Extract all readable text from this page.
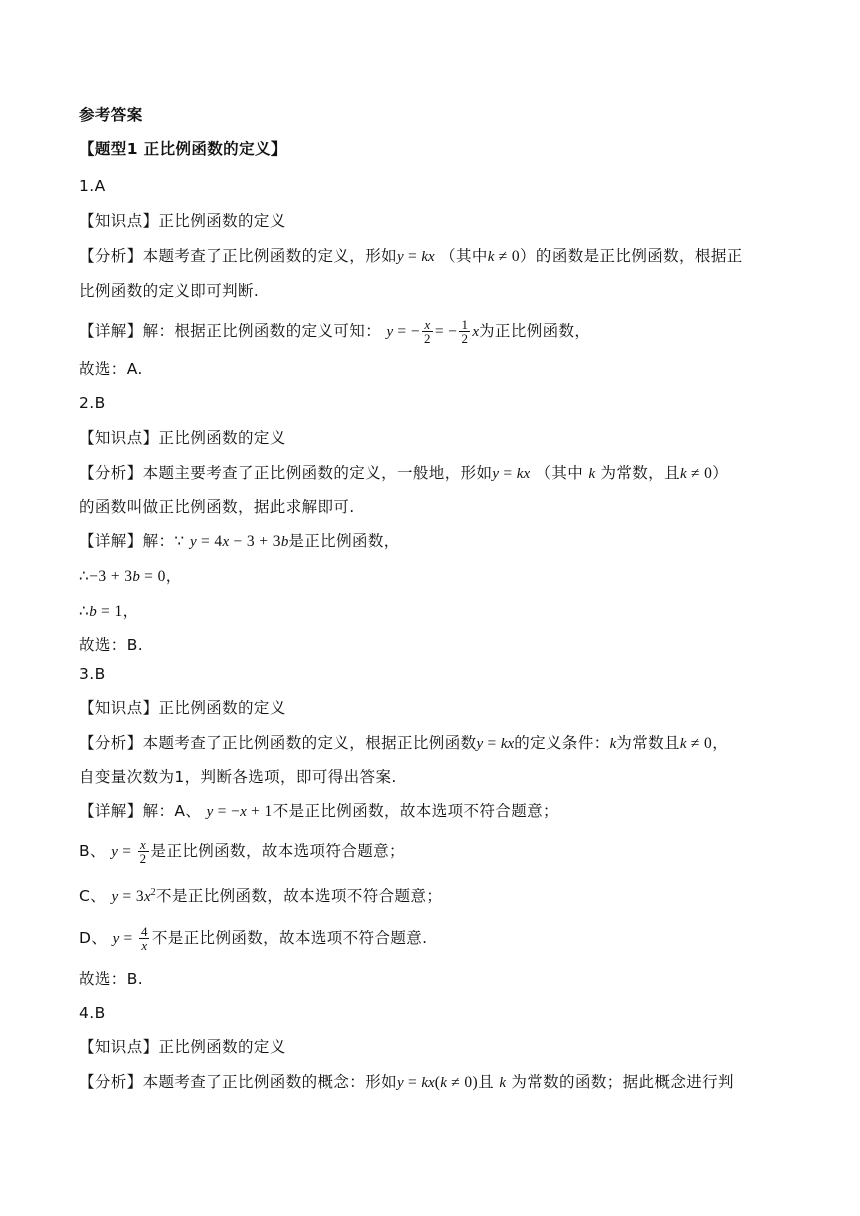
参考答案
【题型1 正比例函数的定义】
1.A
【知识点】正比例函数的定义
【分析】本题考查了正比例函数的定义，形如y = kx （其中k ≠ 0）的函数是正比例函数，根据正
比例函数的定义即可判断.
【详解】解：根据正比例函数的定义可知： y = − $\frac{x}{2}$ = − $\frac{1}{2}$ x为正比例函数，
故选：A.
2.B
【知识点】正比例函数的定义
【分析】本题主要考查了正比例函数的定义，一般地，形如y = kx （其中 k 为常数，且k ≠ 0）
的函数叫做正比例函数，据此求解即可.
【详解】解：∵ y = 4x − 3 + 3b是正比例函数，
∴−3 + 3b = 0，
∴b = 1，
故选：B.
3.B
【知识点】正比例函数的定义
【分析】本题考查了正比例函数的定义，根据正比例函数y = kx的定义条件：k为常数且k ≠ 0，
自变量次数为1，判断各选项，即可得出答案.
【详解】解：A、 y = −x + 1不是正比例函数，故本选项不符合题意；
B、 $y = \frac{x}{2}$ 是正比例函数，故本选项符合题意；
C、 $y = 3x^2$不是正比例函数，故本选项不符合题意；
D、 $y = \frac{4}{x}$ 不是正比例函数，故本选项不符合题意.
故选：B.
4.B
【知识点】正比例函数的定义
【分析】本题考查了正比例函数的概念：形如y = kx(k ≠ 0)且 k 为常数的函数；据此概念进行判
